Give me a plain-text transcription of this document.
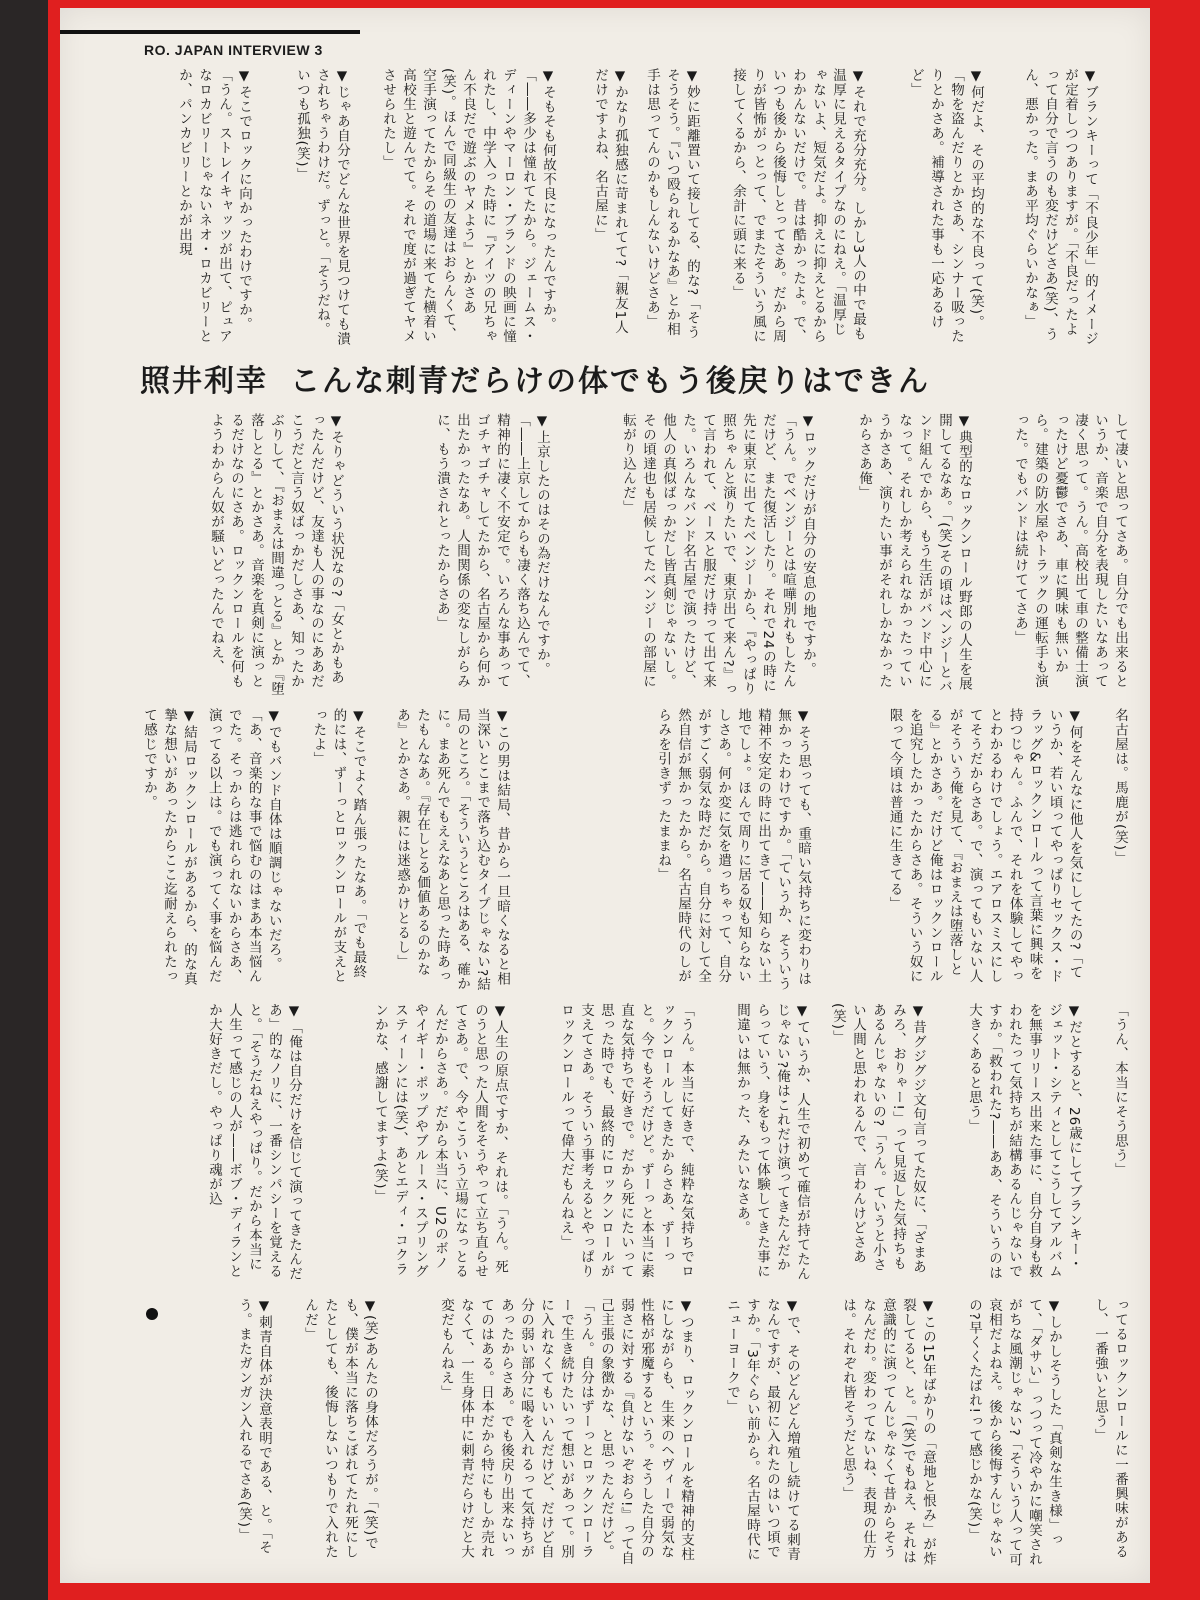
RO. JAPAN INTERVIEW 3
▼ブランキーって「不良少年」的イメージが定着しつつありますが。「不良だったよって自分で言うのも変だけどさあ(笑)、うん、悪かった。まあ平均ぐらいかなぁ」
▼何だよ、その平均的な不良って(笑)。「物を盗んだりとかさあ、シンナー吸ったりとかさあ。補導された事も一応あるけど」
▼それで充分充分。しかし3人の中で最も温厚に見えるタイプなのにねえ。「温厚じゃないよ、短気だよ。抑えに抑えとるからわかんないだけで。昔は酷かったよ。で、いつも後から後悔しとってさあ。だから周りが皆怖がっとって、でまたそういう風に接してくるから、余計に頭に来る」
▼妙に距離置いて接してる、的な?「そうそうそう。『いつ殴られるかなあ』とか相手は思ってんのかもしんないけどさあ」
▼かなり孤独感に苛まれてて?「親友1人だけですよね、名古屋に」
▼そもそも何故不良になったんですか。「――多少は憧れてたから。ジェームス・ディーンやマーロン・ブランドの映画に憧れたし、中学入った時に『アイツの兄ちゃん不良だで遊ぶのヤメよう』とかさあ(笑)。ほんで同級生の友達はおらんくて、空手演ってたからその道場に来てた横着い高校生と遊んでて。それで度が過ぎてヤメさせられたし」
▼じゃあ自分でどんな世界を見つけても潰されちゃうわけだ。ずっと。「そうだね。いつも孤独(笑)」
▼そこでロックに向かったわけですか。「うん。ストレイキャッツが出て、ピュアなロカビリーじゃないネオ・ロカビリーとか、パンカビリーとかが出現
照井利幸 こんな刺青だらけの体でもう後戻りはできん
して凄いと思ってさあ。自分でも出来るというか、音楽で自分を表現したいなあって凄く思って。うん。高校出て車の整備士演ったけど憂鬱でさあ、車に興味も無いから。建築の防水屋やトラックの運転手も演った。でもバンドは続けててさあ」
▼典型的なロックンロール野郎の人生を展開してるなあ。「(笑)その頃はベンジーとバンド組んでから、もう生活がバンド中心になって。それしか考えられなかったっていうかさあ、演りたい事がそれしかなかったからさあ俺」
▼ロックだけが自分の安息の地ですか。「うん。でベンジーとは喧嘩別れもしたんだけど、また復活したり。それで24の時に先に東京に出てたベンジーから、『やっぱり照ちゃんと演りたいで、東京出て来ん?』って言われて、ベースと服だけ持って出て来た。いろんなバンド名古屋で演ったけど、他人の真似ばっかだし皆真剣じゃないし。その頃達也も居候してたベンジーの部屋に転がり込んだ」
▼上京したのはその為だけなんですか。「――上京してからも凄く落ち込んでて、精神的に凄く不安定で。いろんな事あってゴチャゴチャしてたから、名古屋から何か出たかったなあ。人間関係の変なしがらみに、もう潰されとったからさあ」
▼そりゃどういう状況なの?「女とかもあったんだけど、友達も人の事なのにああだこうだと言う奴ばっかだしさあ、知ったかぶりして、『おまえは間違っとる』とか『堕落しとる』とかさあ。音楽を真剣に演っとるだけなのにさあ。ロックンロールを何もようわからん奴が騒いどったんでねえ、
名古屋は。馬鹿が(笑)」
▼何をそんなに他人を気にしてたの?「ていうか、若い頃ってやっぱりセックス・ドラッグ&ロックンロールって言葉に興味を持つじゃん。ふんで、それを体験してやっとわかるわけでしょう。エアロスミスにしてそうだからさあ。で、演ってもいない人がそういう俺を見て、『おまえは堕落しとる』とかさあ。だけど俺はロックンロールを追究したかったからさあ。そういう奴に限って今頃は普通に生きてる」
▼そう思っても、重暗い気持ちに変わりは無かったわけですか。「ていうか、そういう精神不安定の時に出てきて――知らない土地でしょ。ほんで周りに居る奴も知らないしさあ。何か変に気を遣っちゃって、自分がすごく弱気な時だから。自分に対して全然自信が無かったから。名古屋時代のしがらみを引きずったままね」
▼この男は結局、昔から一旦暗くなると相当深いとこまで落ち込むタイプじゃない?結局のところ。「そういうところはある、確かに。まあ死んでもええなあと思った時あったもんなあ。『存在しとる価値あるのかなあ』とかさあ。親には迷惑かけとるし」
▼そこでよく踏ん張ったなあ。「でも最終的には、ずーっとロックンロールが支えとったよ」
▼でもバンド自体は順調じゃないだろ。「あ、音楽的な事で悩むのはまあ本当悩んでた。そっからは逃れられないからさあ、演ってる以上は。でも演ってく事を悩んだ
▼結局ロックンロールがあるから、的な真摯な想いがあったからここ迄耐えられたって感じですか。
「うん、本当にそう思う」
▼だとすると、26歳にしてブランキー・ジェット・シティとしてこうしてアルバムを無事リリース出来た事に、自分自身も救われたって気持ちが結構あるんじゃないですか。「救われた?――ああ、そういうのは大きくあると思う」
▼昔グジグジ文句言ってた奴に、「ざまあみろ、おりゃー!」って見返した気持ちもあるんじゃないの?「うん。ていうと小さい人間と思われるんで、言わんけどさあ(笑)」
▼ていうか、人生で初めて確信が持てたんじゃない?俺はこれだけ演ってきたんだからっていう、身をもって体験してきた事に間違いは無かった、みたいなさあ。
「うん。本当に好きで、純粋な気持ちでロックンロールしてきたからさあ、ずーっと。今でもそうだけど。ずーっと本当に素直な気持ちで好きで。だから死にたいって思った時でも、最終的にロックンロールが支えてさあ。そういう事考えるとやっぱりロックンロールって偉大だもんねえ」
▼人生の原点ですか、それは。「うん。死のうと思った人間をそうやって立ち直らせてさあ。で、今やこういう立場になっとるんだからさあ。だから本当に、U2のボノやイギー・ポップやブルース・スプリングスティーンには(笑)、あとエディ・コクランかな、感謝してますよ(笑)」
▼「俺は自分だけを信じて演ってきたんだあ」的なノリに、一番シンパシーを覚えると。「そうだねえやっぱり。だから本当に人生って感じの人が――ボブ・ディランとか大好きだし。やっぱり魂が込
ってるロックンロールに一番興味があるし、一番強いと思う」
▼しかしそうした「真剣な生き様」って、「ダサい」っつって冷やかに嘲笑されがちな風潮じゃない?「そういう人って可哀相だよねえ。後から後悔すんじゃないの?早くくたばれ!って感じかな(笑)」
▼この15年ばかりの「意地と恨み」が炸裂してると、と。「(笑)でもねえ、それは意識的に演ってんじゃなくて昔からそうなんだわ。変わってないね、表現の仕方は。それぞれ皆そうだと思う」
▼で、そのどんどん増殖し続けてる刺青なんですが、最初に入れたのはいつ頃ですか。「3年ぐらい前から。名古屋時代にニューヨークで」
▼つまり、ロックンロールを精神的支柱にしながらも、生来のヘヴィーで弱気な性格が邪魔するという。そうした自分の弱さに対する『負けないぞおら!』って自己主張の象徴かな、と思ったんだけど。「うん。自分はずーっとロックンローラーで生き続けたいって想いがあって。別に入れなくてもいいんだけど、だけど自分の弱い部分に喝を入れるって気持ちがあったからさあ。でも後戻り出来ないってのはある。日本だから特にもしか売れなくて、一生身体中に刺青だらけだと大変だもんねえ」
▼(笑)あんたの身体だろうが。「(笑)でも、僕が本当に落ちこぼれてたれ死にしたとしても、後悔しないつもりで入れたんだ」
▼刺青自体が決意表明である、と。「そう。またガンガン入れるでさあ(笑)」
